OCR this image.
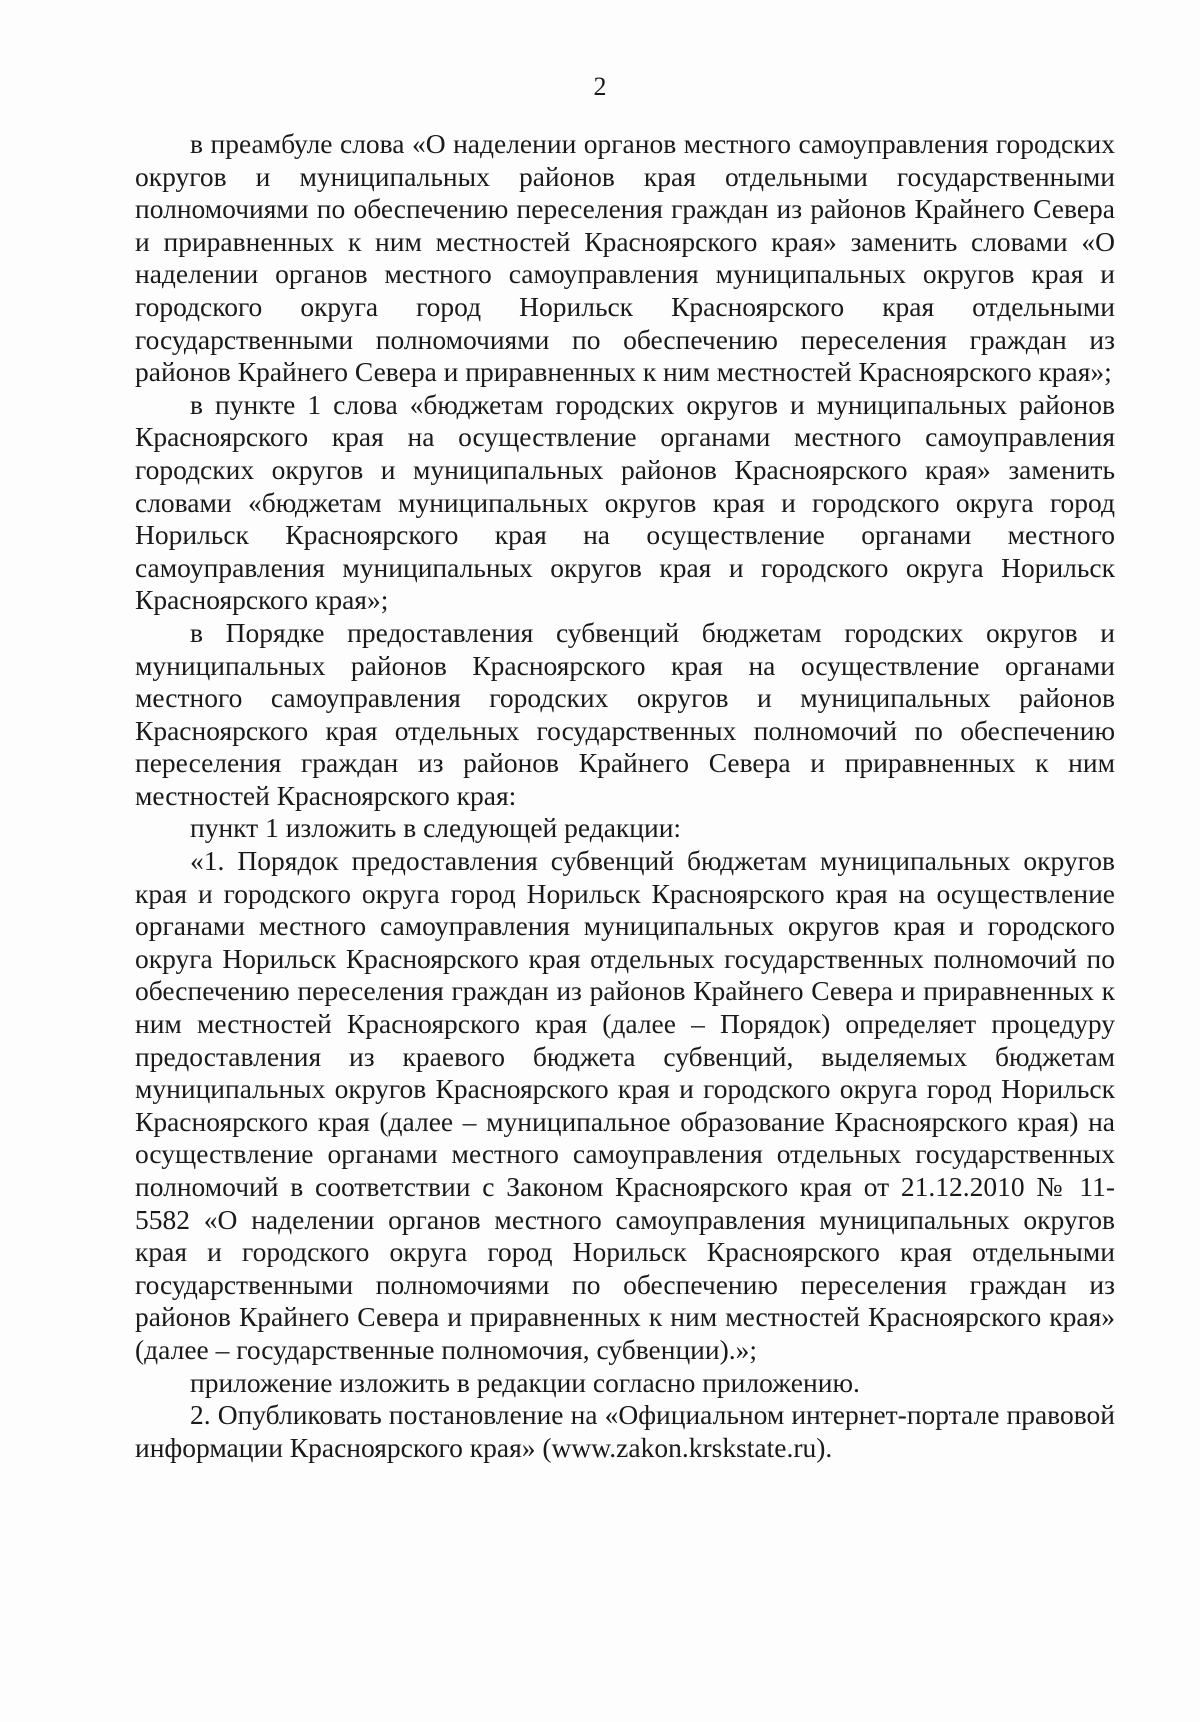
2

в преамбуле слова «О наделении органов местного самоуправления городских округов и муниципальных районов края отдельными государственными полномочиями по обеспечению переселения граждан из районов Крайнего Севера и приравненных к ним местностей Красноярского края» заменить словами «О наделении органов местного самоуправления муниципальных округов края и городского округа город Норильск Красноярского края отдельными государственными полномочиями по обеспечению переселения граждан из районов Крайнего Севера и приравненных к ним местностей Красноярского края»;

в пункте 1 слова «бюджетам городских округов и муниципальных районов Красноярского края на осуществление органами местного самоуправления городских округов и муниципальных районов Красноярского края» заменить словами «бюджетам муниципальных округов края и городского округа город Норильск Красноярского края на осуществление органами местного самоуправления муниципальных округов края и городского округа Норильск Красноярского края»;

в Порядке предоставления субвенций бюджетам городских округов и муниципальных районов Красноярского края на осуществление органами местного самоуправления городских округов и муниципальных районов Красноярского края отдельных государственных полномочий по обеспечению переселения граждан из районов Крайнего Севера и приравненных к ним местностей Красноярского края:

пункт 1 изложить в следующей редакции:

«1. Порядок предоставления субвенций бюджетам муниципальных округов края и городского округа город Норильск Красноярского края на осуществление органами местного самоуправления муниципальных округов края и городского округа Норильск Красноярского края отдельных государственных полномочий по обеспечению переселения граждан из районов Крайнего Севера и приравненных к ним местностей Красноярского края (далее – Порядок) определяет процедуру предоставления из краевого бюджета субвенций, выделяемых бюджетам муниципальных округов Красноярского края и городского округа город Норильск Красноярского края (далее – муниципальное образование Красноярского края) на осуществление органами местного самоуправления отдельных государственных полномочий в соответствии с Законом Красноярского края от 21.12.2010 № 11-5582 «О наделении органов местного самоуправления муниципальных округов края и городского округа город Норильск Красноярского края отдельными государственными полномочиями по обеспечению переселения граждан из районов Крайнего Севера и приравненных к ним местностей Красноярского края» (далее – государственные полномочия, субвенции).»;

приложение изложить в редакции согласно приложению.

2. Опубликовать постановление на «Официальном интернет-портале правовой информации Красноярского края» (www.zakon.krskstate.ru).
